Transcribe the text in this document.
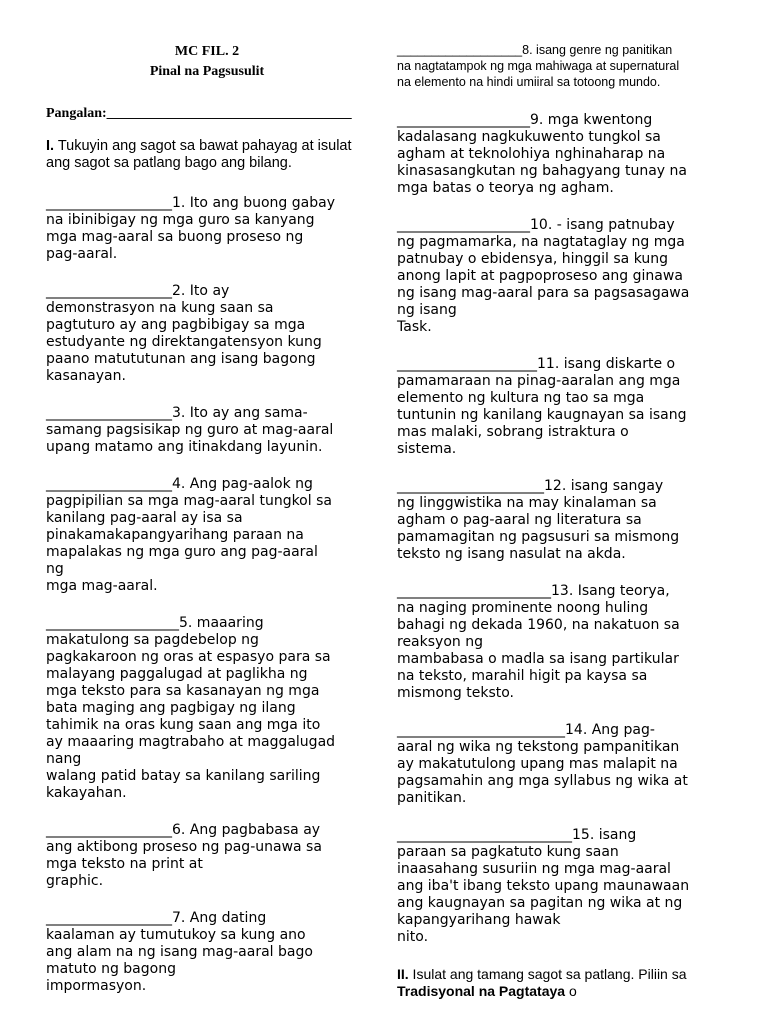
MC FIL. 2

Pinal na Pagsusulit

Pangalan:___________________________________

I. Tukuyin ang sagot sa bawat pahayag at isulat ang sagot sa patlang bago ang bilang.

__________________1. Ito ang buong gabay
na ibinibigay ng mga guro sa kanyang
mga mag-aaral sa buong proseso ng
pag-aaral.
__________________2. Ito ay
demonstrasyon na kung saan sa
pagtuturo ay ang pagbibigay sa mga
estudyante ng direktangatensyon kung
paano matututunan ang isang bagong
kasanayan.
__________________3. Ito ay ang sama-
samang pagsisikap ng guro at mag-aaral
upang matamo ang itinakdang layunin.
__________________4. Ang pag-aalok ng
pagpipilian sa mga mag-aaral tungkol sa
kanilang pag-aaral ay isa sa
pinakamakapangyarihang paraan na
mapalakas ng mga guro ang pag-aaral
ng
mga mag-aaral.
___________________5. maaaring
makatulong sa pagdebelop ng
pagkakaroon ng oras at espasyo para sa
malayang paggalugad at paglikha ng
mga teksto para sa kasanayan ng mga
bata maging ang pagbigay ng ilang
tahimik na oras kung saan ang mga ito
ay maaaring magtrabaho at maggalugad
nang
walang patid batay sa kanilang sariling
kakayahan.
__________________6. Ang pagbabasa ay
ang aktibong proseso ng pag-unawa sa
mga teksto na print at
graphic.
__________________7. Ang dating
kaalaman ay tumutukoy sa kung ano
ang alam na ng isang mag-aaral bago
matuto ng bagong
impormasyon.
__________________8. isang genre ng panitikan
na nagtatampok ng mga mahiwaga at supernatural
na elemento na hindi umiiral sa totoong mundo.
___________________9. mga kwentong
kadalasang nagkukuwento tungkol sa
agham at teknolohiya nghinaharap na
kinasasangkutan ng bahagyang tunay na
mga batas o teorya ng agham.
___________________10. - isang patnubay
ng pagmamarka, na nagtataglay ng mga
patnubay o ebidensya, hinggil sa kung
anong lapit at pagpoproseso ang ginawa
ng isang mag-aaral para sa pagsasagawa
ng isang
Task.
____________________11. isang diskarte o
pamamaraan na pinag-aaralan ang mga
elemento ng kultura ng tao sa mga
tuntunin ng kanilang kaugnayan sa isang
mas malaki, sobrang istraktura o
sistema.
_____________________12. isang sangay
ng linggwistika na may kinalaman sa
agham o pag-aaral ng literatura sa
pamamagitan ng pagsusuri sa mismong
teksto ng isang nasulat na akda.
______________________13. Isang teorya,
na naging prominente noong huling
bahagi ng dekada 1960, na nakatuon sa
reaksyon ng
mambabasa o madla sa isang partikular
na teksto, marahil higit pa kaysa sa
mismong teksto.
________________________14. Ang pag-
aaral ng wika ng tekstong pampanitikan
ay makatutulong upang mas malapit na
pagsamahin ang mga syllabus ng wika at
panitikan.
_________________________15. isang
paraan sa pagkatuto kung saan
inaasahang susuriin ng mga mag-aaral
ang iba't ibang teksto upang maunawaan
ang kaugnayan sa pagitan ng wika at ng
kapangyarihang hawak
nito.

II. Isulat ang tamang sagot sa patlang. Piliin sa Tradisyonal na Pagtataya o
